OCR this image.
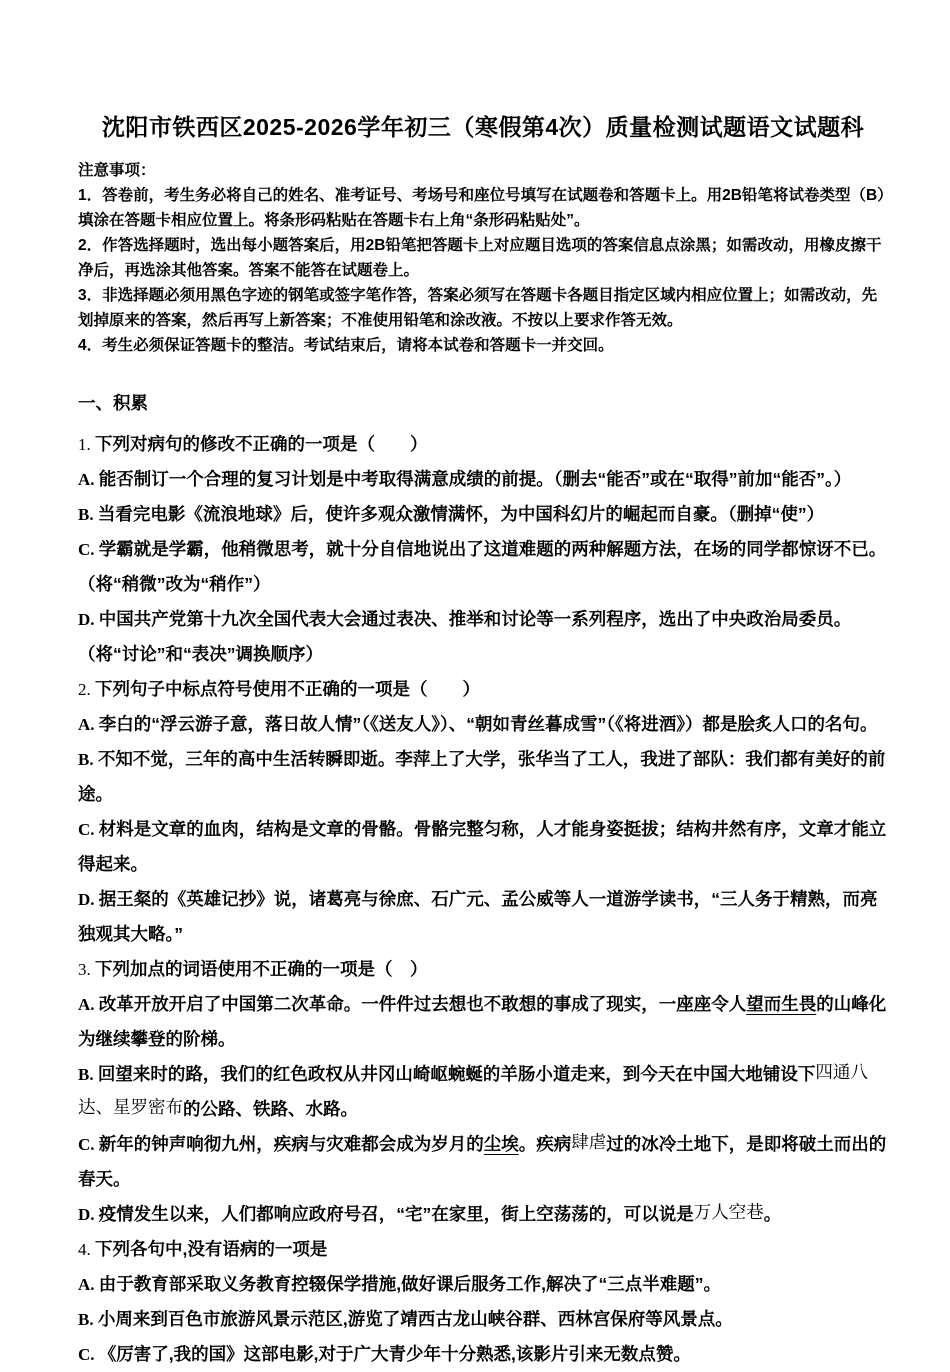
沈阳市铁西区2025-2026学年初三（寒假第4次）质量检测试题语文试题科

注意事项：

1．答卷前，考生务必将自己的姓名、准考证号、考场号和座位号填写在试题卷和答题卡上。用2B铅笔将试卷类型（B）填涂在答题卡相应位置上。将条形码粘贴在答题卡右上角“条形码粘贴处”。

2．作答选择题时，选出每小题答案后，用2B铅笔把答题卡上对应题目选项的答案信息点涂黑；如需改动，用橡皮擦干净后，再选涂其他答案。答案不能答在试题卷上。

3．非选择题必须用黑色字迹的钢笔或签字笔作答，答案必须写在答题卡各题目指定区域内相应位置上；如需改动，先划掉原来的答案，然后再写上新答案；不准使用铅笔和涂改液。不按以上要求作答无效。

4．考生必须保证答题卡的整洁。考试结束后，请将本试卷和答题卡一并交回。

一、积累

1. 下列对病句的修改不正确的一项是（　　）

A. 能否制订一个合理的复习计划是中考取得满意成绩的前提。（删去“能否”或在“取得”前加“能否”。）

B. 当看完电影《流浪地球》后，使许多观众激情满怀，为中国科幻片的崛起而自豪。（删掉“使”）

C. 学霸就是学霸，他稍微思考，就十分自信地说出了这道难题的两种解题方法，在场的同学都惊讶不已。（将“稍微”改为“稍作”）

D. 中国共产党第十九次全国代表大会通过表决、推举和讨论等一系列程序，选出了中央政治局委员。（将“讨论”和“表决”调换顺序）

2. 下列句子中标点符号使用不正确的一项是（　　）

A. 李白的“浮云游子意，落日故人情”（《送友人》）、“朝如青丝暮成雪”（《将进酒》）都是脍炙人口的名句。

B. 不知不觉，三年的高中生活转瞬即逝。李萍上了大学，张华当了工人，我进了部队：我们都有美好的前途。

C. 材料是文章的血肉，结构是文章的骨骼。骨骼完整匀称，人才能身姿挺拔；结构井然有序，文章才能立得起来。

D. 据王粲的《英雄记抄》说，诸葛亮与徐庶、石广元、孟公威等人一道游学读书，“三人务于精熟，而亮独观其大略。”

3. 下列加点的词语使用不正确的一项是（　）

A. 改革开放开启了中国第二次革命。一件件过去想也不敢想的事成了现实，一座座令人望而生畏的山峰化为继续攀登的阶梯。

B. 回望来时的路，我们的红色政权从井冈山崎岖蜿蜒的羊肠小道走来，到今天在中国大地铺设下四通八达、星罗密布的公路、铁路、水路。

C. 新年的钟声响彻九州，疾病与灾难都会成为岁月的尘埃。疾病肆虐过的冰冷土地下，是即将破土而出的春天。

D. 疫情发生以来，人们都响应政府号召，“宅”在家里，街上空荡荡的，可以说是万人空巷。

4. 下列各句中,没有语病的一项是

A. 由于教育部采取义务教育控辍保学措施,做好课后服务工作,解决了“三点半难题”。

B. 小周来到百色市旅游风景示范区,游览了靖西古龙山峡谷群、西林宫保府等风景点。

C. 《厉害了,我的国》这部电影,对于广大青少年十分熟悉,该影片引来无数点赞。
